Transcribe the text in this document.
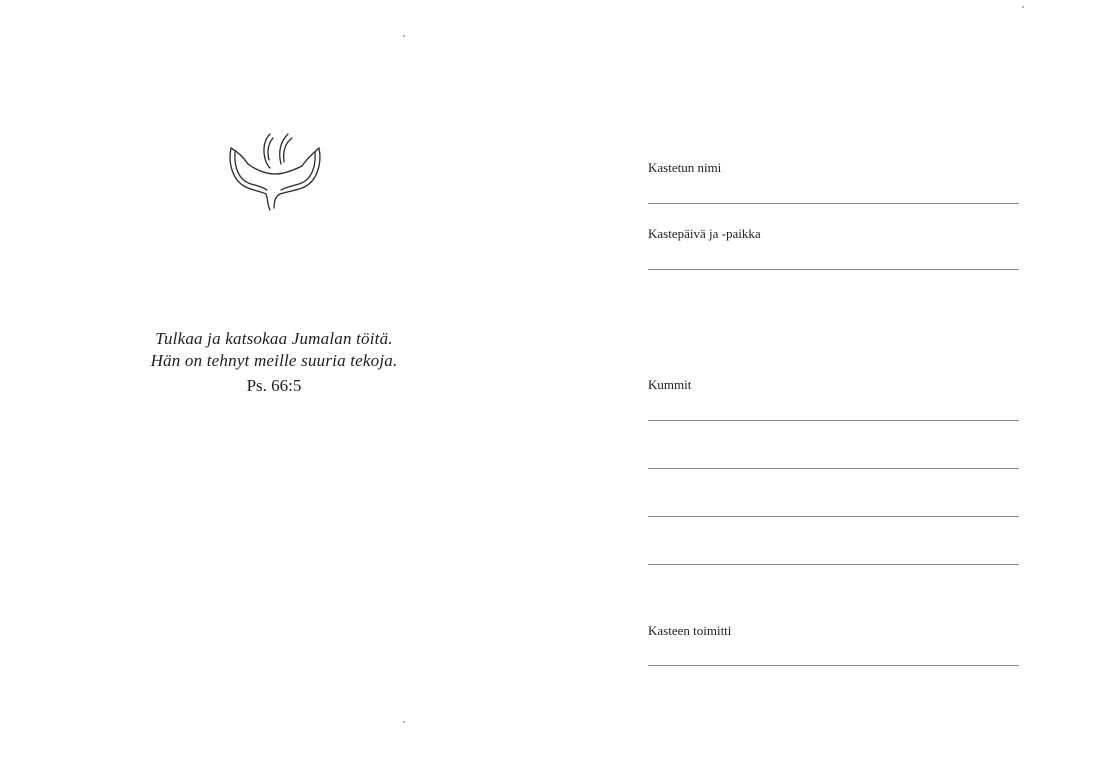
Tulkaa ja katsokaa Jumalan töitä.
Hän on tehnyt meille suuria tekoja.
Ps. 66:5
Kastetun nimi
Kastepäivä ja -paikka
Kummit
Kasteen toimitti
